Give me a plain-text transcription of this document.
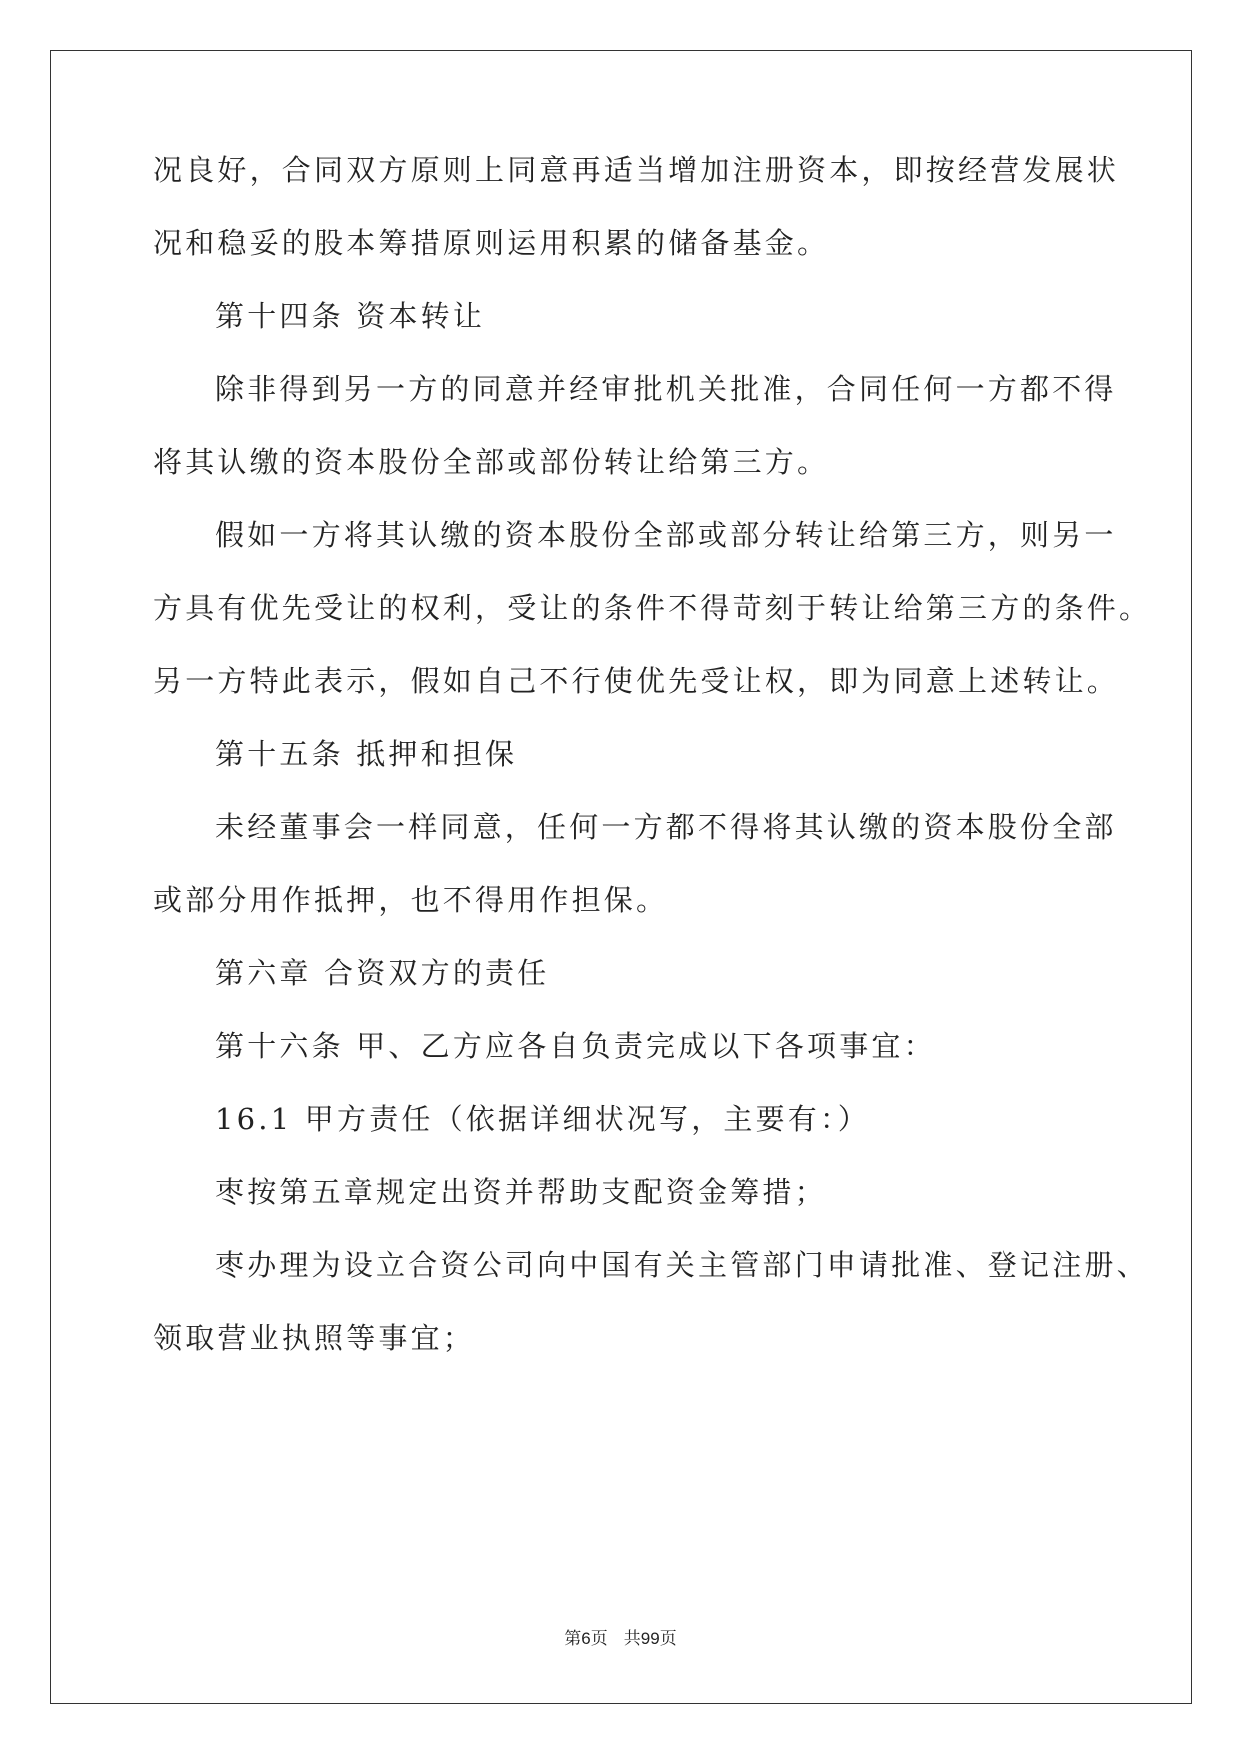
况良好，合同双方原则上同意再适当增加注册资本，即按经营发展状
况和稳妥的股本筹措原则运用积累的储备基金。
第十四条 资本转让
除非得到另一方的同意并经审批机关批准，合同任何一方都不得
将其认缴的资本股份全部或部份转让给第三方。
假如一方将其认缴的资本股份全部或部分转让给第三方，则另一
方具有优先受让的权利，受让的条件不得苛刻于转让给第三方的条件。
另一方特此表示，假如自己不行使优先受让权，即为同意上述转让。
第十五条 抵押和担保
未经董事会一样同意，任何一方都不得将其认缴的资本股份全部
或部分用作抵押，也不得用作担保。
第六章 合资双方的责任
第十六条 甲、乙方应各自负责完成以下各项事宜：
16.1 甲方责任（依据详细状况写，主要有：）
枣按第五章规定出资并帮助支配资金筹措；
枣办理为设立合资公司向中国有关主管部门申请批准、登记注册、
领取营业执照等事宜；
第6页 共99页
